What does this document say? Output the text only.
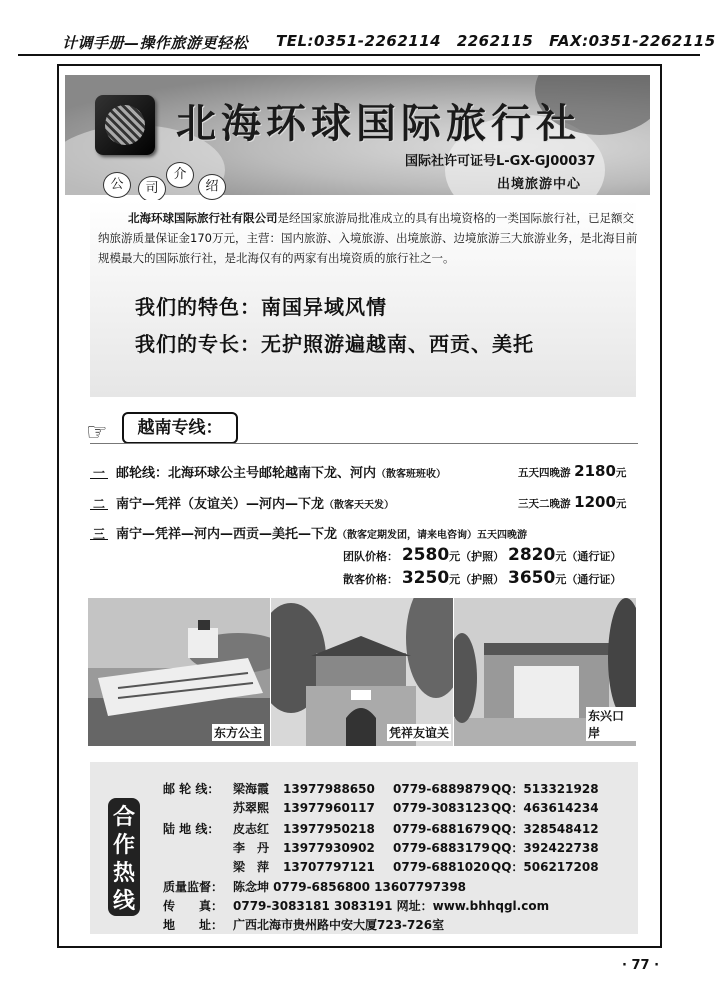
计调手册—操作旅游更轻松 TEL:0351-2262114 2262115 FAX:0351-2262115
北海环球国际旅行社
国际社许可证号L-GX-GJ00037
出境旅游中心
公	司
介
绍
北海环球国际旅行社有限公司是经国家旅游局批准成立的具有出境资格的一类国际旅行社，已足额交纳旅游质量保证金170万元，主营：国内旅游、入境旅游、出境旅游、边境旅游三大旅游业务，是北海目前规模最大的国际旅行社，是北海仅有的两家有出境资质的旅行社之一。
我们的特色：南国异域风情
我们的专长：无护照游遍越南、西贡、美托
☞	越南专线：
一 邮轮线：北海环球公主号邮轮越南下龙、河内（散客班班收）	五天四晚游 2180元
二 南宁—凭祥（友谊关）—河内—下龙（散客天天发）	三天二晚游 1200元
三 南宁—凭祥—河内—西贡—美托—下龙（散客定期发团，请来电咨询）五天四晚游
团队价格： 2580元（护照） 2820元（通行证）
散客价格： 3250元（护照） 3650元（通行证）
东方公主	凭祥友谊关
东兴口岸
合
作
热
线
邮 轮 线： 梁海霞 13977988650 0779-6889879QQ：513321928
苏翠熙 13977960117 0779-3083123QQ：463614234
陆 地 线： 皮志红 13977950218 0779-6881679QQ：328548412
李　丹 13977930902 0779-6883179QQ：392422738
梁　萍 13707797121 0779-6881020QQ：506217208
质量监督： 陈念坤 0779-6856800 13607797398
传　　真： 0779-3083181 3083191 网址：www.bhhqgl.com
地　　址： 广西北海市贵州路中安大厦723-726室
· 77 ·
